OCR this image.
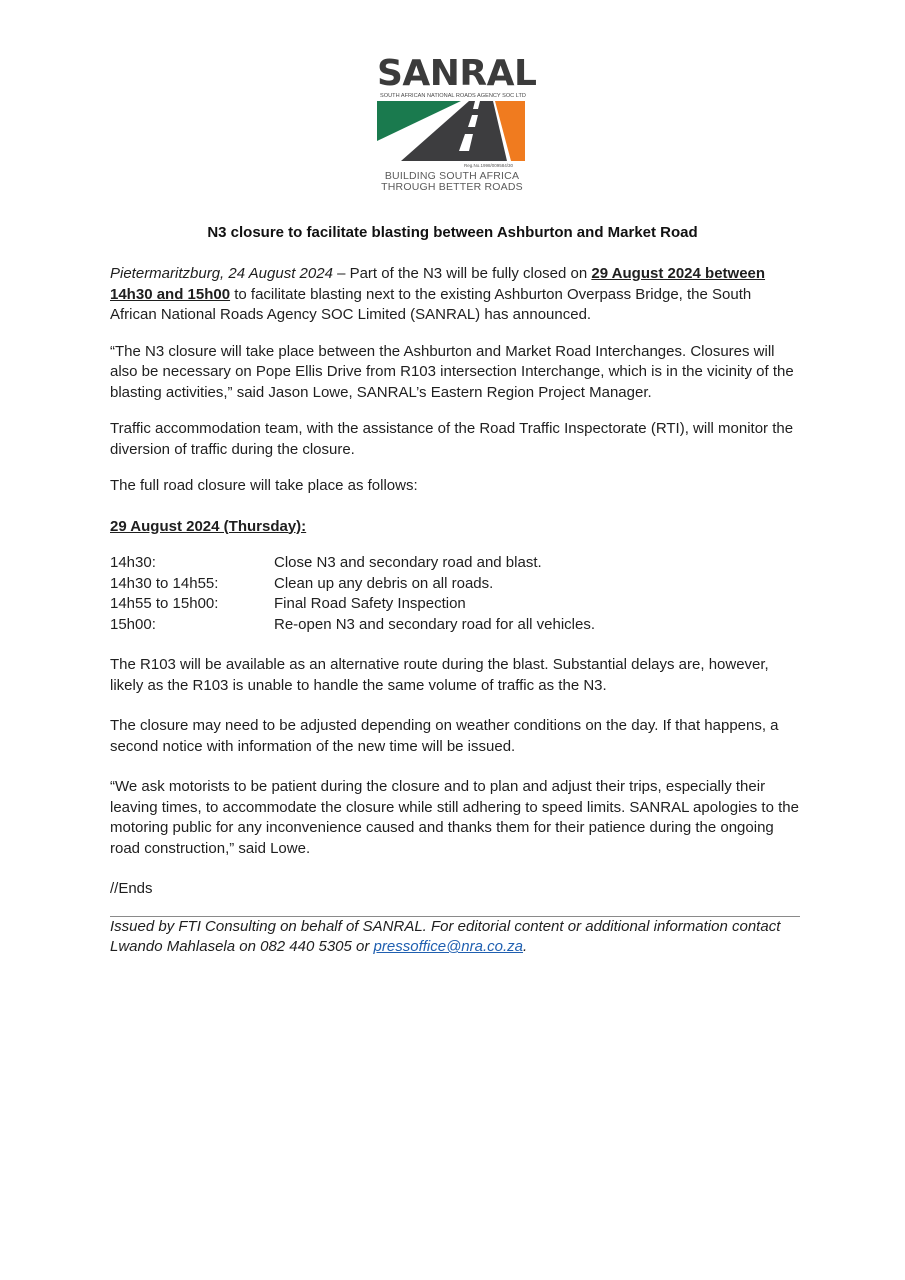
SANRAL
SOUTH AFRICAN NATIONAL ROADS AGENCY SOC LTD
Reg.No.1998/009584/30
BUILDING SOUTH AFRICA
THROUGH BETTER ROADS
N3 closure to facilitate blasting between Ashburton and Market Road

Pietermaritzburg, 24 August 2024 – Part of the N3 will be fully closed on 29 August 2024 between 14h30 and 15h00 to facilitate blasting next to the existing Ashburton Overpass Bridge, the South African National Roads Agency SOC Limited (SANRAL) has announced.

“The N3 closure will take place between the Ashburton and Market Road Interchanges. Closures will also be necessary on Pope Ellis Drive from R103 intersection Interchange, which is in the vicinity of the blasting activities,” said Jason Lowe, SANRAL’s Eastern Region Project Manager.

Traffic accommodation team, with the assistance of the Road Traffic Inspectorate (RTI), will monitor the diversion of traffic during the closure.

The full road closure will take place as follows:

29 August 2024 (Thursday):

14h30:	Close N3 and secondary road and blast.
14h30 to 14h55:	Clean up any debris on all roads.
14h55 to 15h00:	Final Road Safety Inspection
15h00:	Re-open N3 and secondary road for all vehicles.

The R103 will be available as an alternative route during the blast. Substantial delays are, however, likely as the R103 is unable to handle the same volume of traffic as the N3.

The closure may need to be adjusted depending on weather conditions on the day. If that happens, a second notice with information of the new time will be issued.

“We ask motorists to be patient during the closure and to plan and adjust their trips, especially their leaving times, to accommodate the closure while still adhering to speed limits. SANRAL apologies to the motoring public for any inconvenience caused and thanks them for their patience during the ongoing road construction,” said Lowe.

//Ends

Issued by FTI Consulting on behalf of SANRAL. For editorial content or additional information contact Lwando Mahlasela on 082 440 5305 or pressoffice@nra.co.za.
